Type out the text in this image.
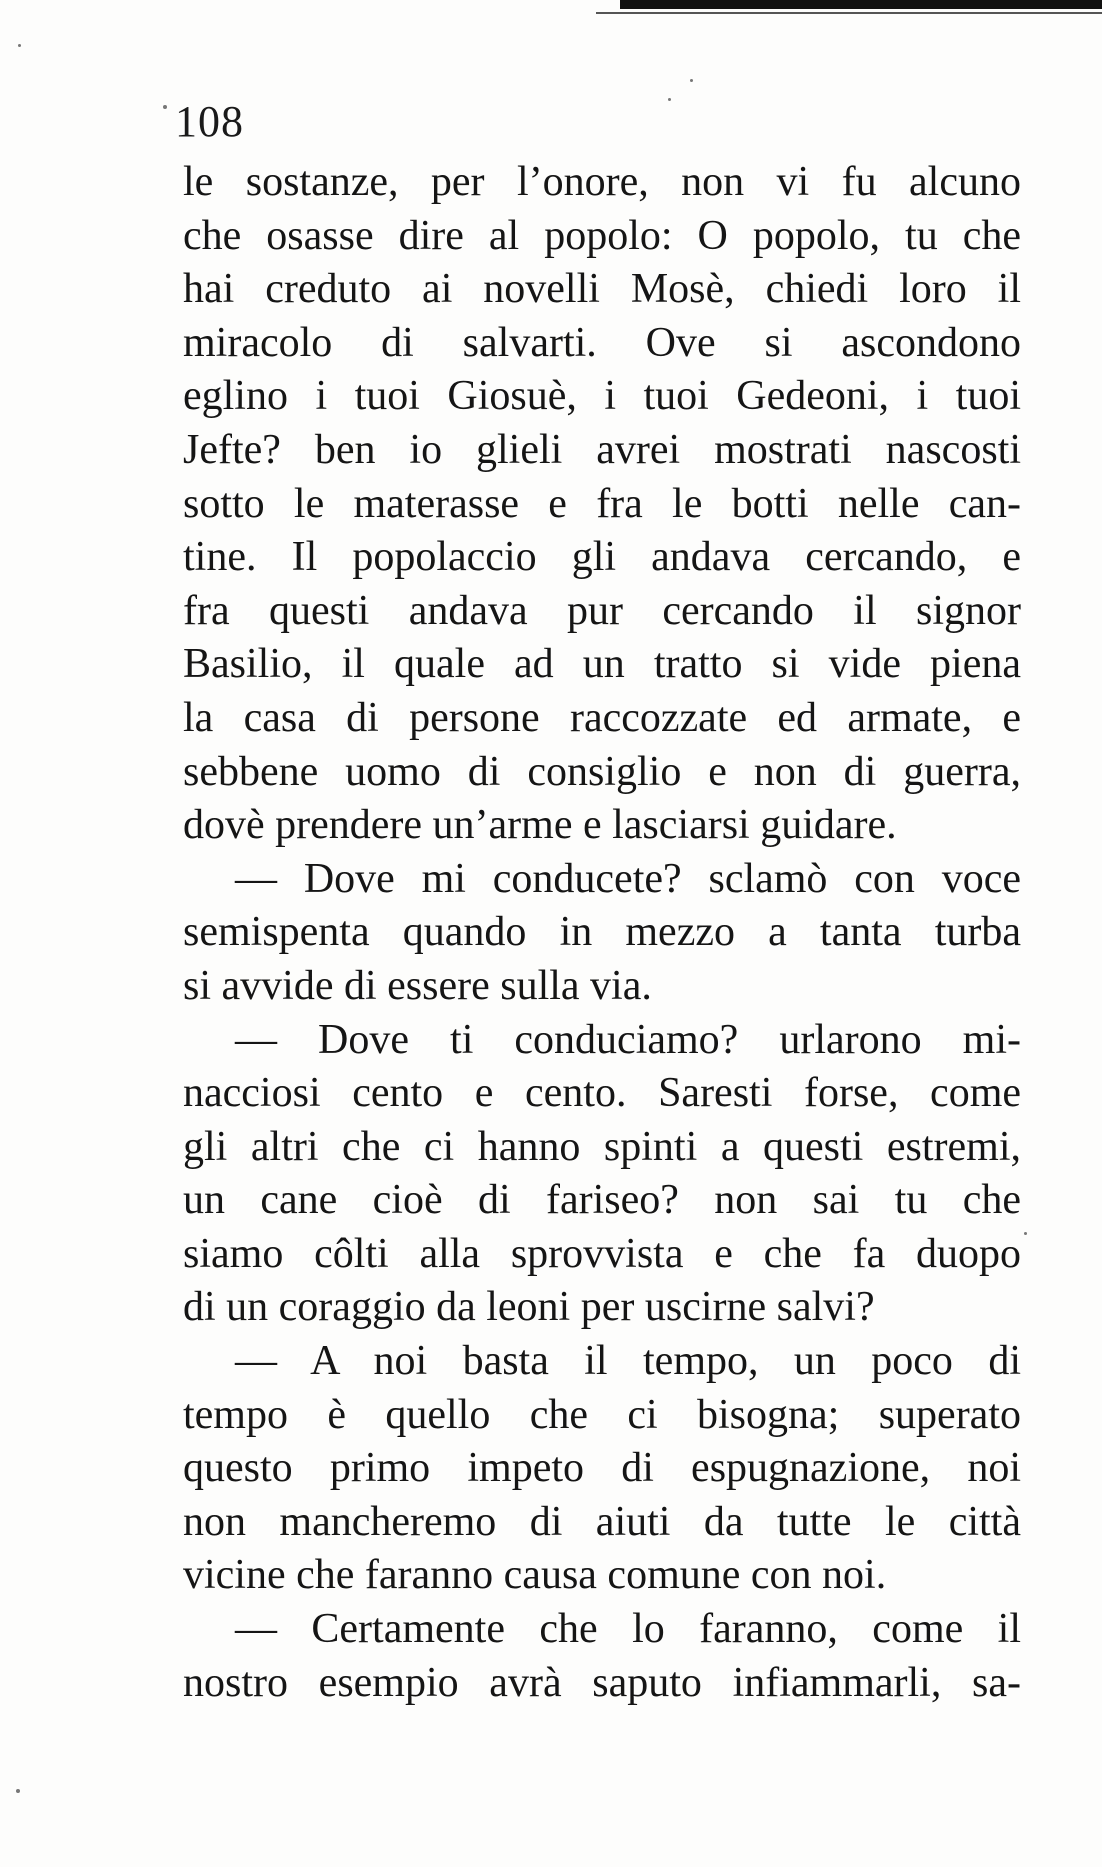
108
le sostanze, per l’onore, non vi fu alcuno
che osasse dire al popolo: O popolo, tu che
hai creduto ai novelli Mosè, chiedi loro il
miracolo di salvarti. Ove si ascondono
eglino i tuoi Giosuè, i tuoi Gedeoni, i tuoi
Jefte? ben io glieli avrei mostrati nascosti
sotto le materasse e fra le botti nelle can-
tine. Il popolaccio gli andava cercando, e
fra questi andava pur cercando il signor
Basilio, il quale ad un tratto si vide piena
la casa di persone raccozzate ed armate, e
sebbene uomo di consiglio e non di guerra,
dovè prendere un’arme e lasciarsi guidare.
— Dove mi conducete? sclamò con voce
semispenta quando in mezzo a tanta turba
si avvide di essere sulla via.
— Dove ti conduciamo? urlarono mi-
nacciosi cento e cento. Saresti forse, come
gli altri che ci hanno spinti a questi estremi,
un cane cioè di fariseo? non sai tu che
siamo côlti alla sprovvista e che fa duopo
di un coraggio da leoni per uscirne salvi?
— A noi basta il tempo, un poco di
tempo è quello che ci bisogna; superato
questo primo impeto di espugnazione, noi
non mancheremo di aiuti da tutte le città
vicine che faranno causa comune con noi.
— Certamente che lo faranno, come il
nostro esempio avrà saputo infiammarli, sa-
